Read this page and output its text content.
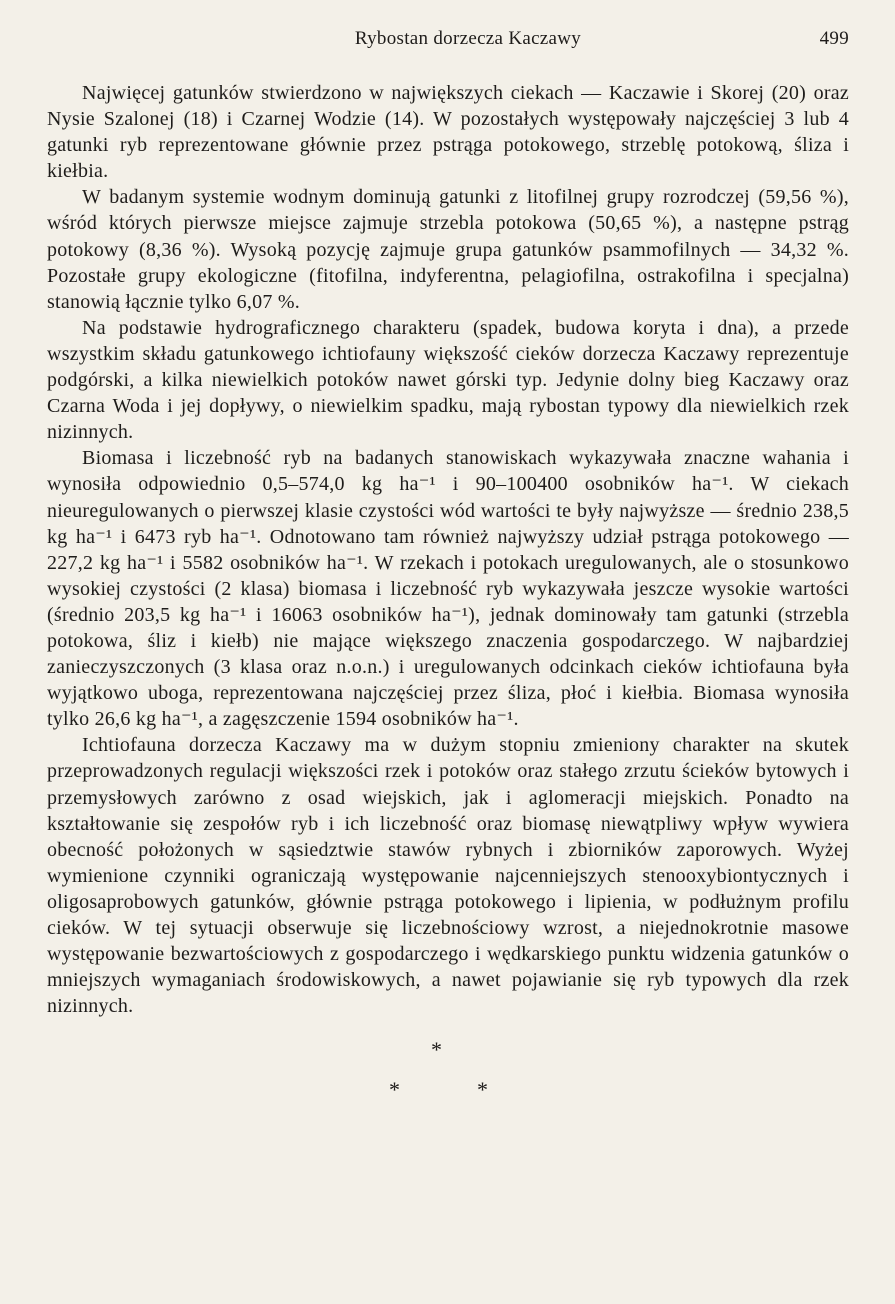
Rybostan dorzecza Kaczawy	499

Najwięcej gatunków stwierdzono w największych ciekach — Kaczawie i Skorej (20) oraz Nysie Szalonej (18) i Czarnej Wodzie (14). W pozostałych występowały najczęściej 3 lub 4 gatunki ryb reprezentowane głównie przez pstrąga potokowego, strzeblę potokową, śliza i kiełbia.

W badanym systemie wodnym dominują gatunki z litofilnej grupy rozrodczej (59,56 %), wśród których pierwsze miejsce zajmuje strzebla potokowa (50,65 %), a następne pstrąg potokowy (8,36 %). Wysoką pozycję zajmuje grupa gatunków psammofilnych — 34,32 %. Pozostałe grupy ekologiczne (fitofilna, indyferentna, pelagiofilna, ostrakofilna i specjalna) stanowią łącznie tylko 6,07 %.

Na podstawie hydrograficznego charakteru (spadek, budowa koryta i dna), a przede wszystkim składu gatunkowego ichtiofauny większość cieków dorzecza Kaczawy reprezentuje podgórski, a kilka niewielkich potoków nawet górski typ. Jedynie dolny bieg Kaczawy oraz Czarna Woda i jej dopływy, o niewielkim spadku, mają rybostan typowy dla niewielkich rzek nizinnych.

Biomasa i liczebność ryb na badanych stanowiskach wykazywała znaczne wahania i wynosiła odpowiednio 0,5–574,0 kg ha⁻¹ i 90–100400 osobników ha⁻¹. W ciekach nieuregulowanych o pierwszej klasie czystości wód wartości te były najwyższe — średnio 238,5 kg ha⁻¹ i 6473 ryb ha⁻¹. Odnotowano tam również najwyższy udział pstrąga potokowego — 227,2 kg ha⁻¹ i 5582 osobników ha⁻¹. W rzekach i potokach uregulowanych, ale o stosunkowo wysokiej czystości (2 klasa) biomasa i liczebność ryb wykazywała jeszcze wysokie wartości (średnio 203,5 kg ha⁻¹ i 16063 osobników ha⁻¹), jednak dominowały tam gatunki (strzebla potokowa, śliz i kiełb) nie mające większego znaczenia gospodarczego. W najbardziej zanieczyszczonych (3 klasa oraz n.o.n.) i uregulowanych odcinkach cieków ichtiofauna była wyjątkowo uboga, reprezentowana najczęściej przez śliza, płoć i kiełbia. Biomasa wynosiła tylko 26,6 kg ha⁻¹, a zagęszczenie 1594 osobników ha⁻¹.

Ichtiofauna dorzecza Kaczawy ma w dużym stopniu zmieniony charakter na skutek przeprowadzonych regulacji większości rzek i potoków oraz stałego zrzutu ścieków bytowych i przemysłowych zarówno z osad wiejskich, jak i aglomeracji miejskich. Ponadto na kształtowanie się zespołów ryb i ich liczebność oraz biomasę niewątpliwy wpływ wywiera obecność położonych w sąsiedztwie stawów rybnych i zbiorników zaporowych. Wyżej wymienione czynniki ograniczają występowanie najcenniejszych stenooxybiontycznych i oligosaprobowych gatunków, głównie pstrąga potokowego i lipienia, w podłużnym profilu cieków. W tej sytuacji obserwuje się liczebnościowy wzrost, a niejednokrotnie masowe występowanie bezwartościowych z gospodarczego i wędkarskiego punktu widzenia gatunków o mniejszych wymaganiach środowiskowych, a nawet pojawianie się ryb typowych dla rzek nizinnych.

*
*	*
